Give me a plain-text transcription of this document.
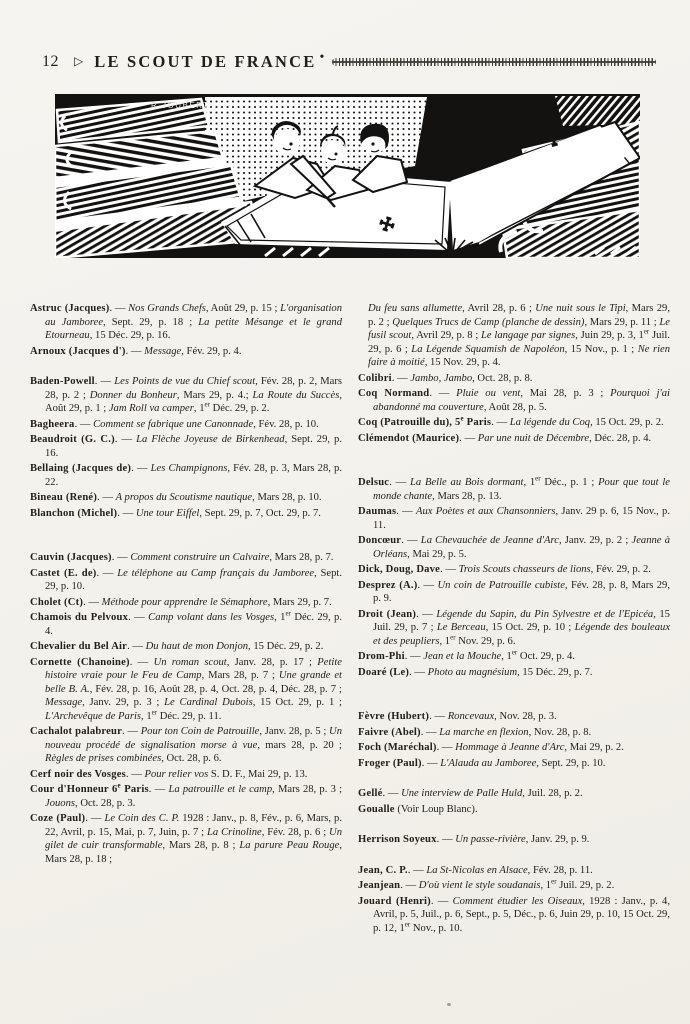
12 ▷ LE SCOUT DE FRANCE •
R.JOUBERT
Astruc (Jacques). — Nos Grands Chefs, Août 29, p. 15 ; L'organisation au Jamboree, Sept. 29, p. 18 ; La petite Mésange et le grand Etourneau, 15 Déc. 29, p. 16.
Arnoux (Jacques d'). — Message, Fév. 29, p. 4.
Baden-Powell. — Les Points de vue du Chief scout, Fév. 28, p. 2, Mars 28, p. 2 ; Donner du Bonheur, Mars 29, p. 4.; La Route du Succès, Août 29, p. 1 ; Jam Roll va camper, 1er Déc. 29, p. 2.
Bagheera. — Comment se fabrique une Canonnade, Fév. 28, p. 10.
Beaudroit (G. C.). — La Flèche Joyeuse de Birkenhead, Sept. 29, p. 16.
Bellaing (Jacques de). — Les Champignons, Fév. 28, p. 3, Mars 28, p. 22.
Bineau (René). — A propos du Scoutisme nautique, Mars 28, p. 10.
Blanchon (Michel). — Une tour Eiffel, Sept. 29, p. 7, Oct. 29, p. 7.
Cauvin (Jacques). — Comment construire un Calvaire, Mars 28, p. 7.
Castet (E. de). — Le téléphone au Camp français du Jamboree, Sept. 29, p. 10.
Cholet (Ct). — Méthode pour apprendre le Sémaphore, Mars 29, p. 7.
Chamois du Pelvoux. — Camp volant dans les Vosges, 1er Déc. 29, p. 4.
Chevalier du Bel Air. — Du haut de mon Donjon, 15 Déc. 29, p. 2.
Cornette (Chanoine). — Un roman scout, Janv. 28, p. 17 ; Petite histoire vraie pour le Feu de Camp, Mars 28, p. 7 ; Une grande et belle B. A., Fév. 28, p. 16, Août 28, p. 4, Oct. 28, p. 4, Déc. 28, p. 7 ; Message, Janv. 29, p. 3 ; Le Cardinal Dubois, 15 Oct. 29, p. 1 ; L'Archevêque de Paris, 1er Déc. 29, p. 11.
Cachalot palabreur. — Pour ton Coin de Patrouille, Janv. 28, p. 5 ; Un nouveau procédé de signalisation morse à vue, mars 28, p. 20 ; Règles de prises combinées, Oct. 28, p. 6.
Cerf noir des Vosges. — Pour relier vos S. D. F., Mai 29, p. 13.
Cour d'Honneur 6e Paris. — La patrouille et le camp, Mars 28, p. 3 ; Jouons, Oct. 28, p. 3.
Coze (Paul). — Le Coin des C. P. 1928 : Janv., p. 8, Fév., p. 6, Mars, p. 22, Avril, p. 15, Mai, p. 7, Juin, p. 7 ; La Crinoline, Fév. 28, p. 6 ; Un gilet de cuir transformable, Mars 28, p. 8 ; La parure Peau Rouge, Mars 28, p. 18 ;
Du feu sans allumette, Avril 28, p. 6 ; Une nuit sous le Tipi, Mars 29, p. 2 ; Quelques Trucs de Camp (planche de dessin), Mars 29, p. 11 ; Le fusil scout, Avril 29, p. 8 ; Le langage par signes, Juin 29, p. 3, 1er Juil. 29, p. 6 ; La Légende Squamish de Napoléon, 15 Nov., p. 1 ; Ne rien faire à moitié, 15 Nov. 29, p. 4.
Colibri. — Jambo, Jambo, Oct. 28, p. 8.
Coq Normand. — Pluie ou vent, Mai 28, p. 3 ; Pourquoi j'ai abandonné ma couverture, Août 28, p. 5.
Coq (Patrouille du), 5e Paris. — La légende du Coq, 15 Oct. 29, p. 2.
Clémendot (Maurice). — Par une nuit de Décembre, Déc. 28, p. 4.
Delsuc. — La Belle au Bois dormant, 1er Déc., p. 1 ; Pour que tout le monde chante, Mars 28, p. 13.
Daumas. — Aux Poètes et aux Chansonniers, Janv. 29 p. 6, 15 Nov., p. 11.
Doncœur. — La Chevauchée de Jeanne d'Arc, Janv. 29, p. 2 ; Jeanne à Orléans, Mai 29, p. 5.
Dick, Doug, Dave. — Trois Scouts chasseurs de lions, Fév. 29, p. 2.
Desprez (A.). — Un coin de Patrouille cubiste, Fév. 28, p. 8, Mars 29, p. 9.
Droit (Jean). — Légende du Sapin, du Pin Sylvestre et de l'Epicéa, 15 Juil. 29, p. 7 ; Le Berceau, 15 Oct. 29, p. 10 ; Légende des bouleaux et des peupliers, 1er Nov. 29, p. 6.
Drom-Phi. — Jean et la Mouche, 1er Oct. 29, p. 4.
Doaré (Le). — Photo au magnésium, 15 Déc. 29, p. 7.
Fèvre (Hubert). — Roncevaux, Nov. 28, p. 3.
Faivre (Abel). — La marche en flexion, Nov. 28, p. 8.
Foch (Maréchal). — Hommage à Jeanne d'Arc, Mai 29, p. 2.
Froger (Paul). — L'Alauda au Jamboree, Sept. 29, p. 10.
Gellé. — Une interview de Palle Huld, Juil. 28, p. 2.
Goualle (Voir Loup Blanc).
Herrison Soyeux. — Un passe-rivière, Janv. 29, p. 9.
Jean, C. P.. — La St-Nicolas en Alsace, Fév. 28, p. 11.
Jeanjean. — D'où vient le style soudanais, 1er Juil. 29, p. 2.
Jouard (Henri). — Comment étudier les Oiseaux, 1928 : Janv., p. 4, Avril, p. 5, Juil., p. 6, Sept., p. 5, Déc., p. 6, Juin 29, p. 10, 15 Oct. 29, p. 12, 1er Nov., p. 10.
